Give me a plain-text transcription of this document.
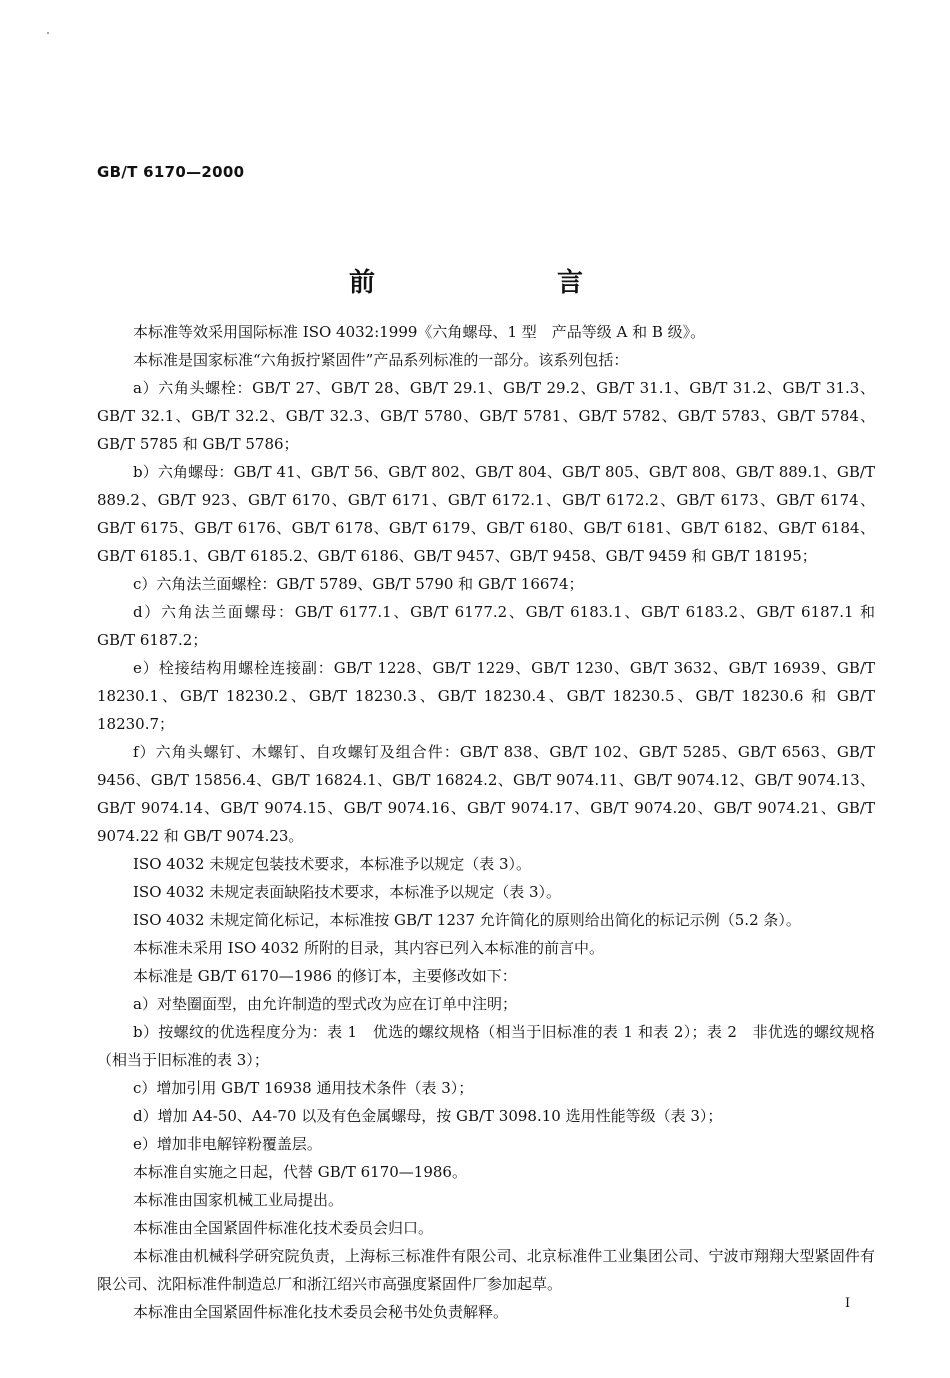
GB/T 6170—2000
前　言

本标准等效采用国际标准 ISO 4032:1999《六角螺母、1 型　产品等级 A 和 B 级》。

本标准是国家标准“六角扳拧紧固件”产品系列标准的一部分。该系列包括：

a）六角头螺栓：GB/T 27、GB/T 28、GB/T 29.1、GB/T 29.2、GB/T 31.1、GB/T 31.2、GB/T 31.3、GB/T 32.1、GB/T 32.2、GB/T 32.3、GB/T 5780、GB/T 5781、GB/T 5782、GB/T 5783、GB/T 5784、GB/T 5785 和 GB/T 5786；

b）六角螺母：GB/T 41、GB/T 56、GB/T 802、GB/T 804、GB/T 805、GB/T 808、GB/T 889.1、GB/T 889.2、GB/T 923、GB/T 6170、GB/T 6171、GB/T 6172.1、GB/T 6172.2、GB/T 6173、GB/T 6174、GB/T 6175、GB/T 6176、GB/T 6178、GB/T 6179、GB/T 6180、GB/T 6181、GB/T 6182、GB/T 6184、GB/T 6185.1、GB/T 6185.2、GB/T 6186、GB/T 9457、GB/T 9458、GB/T 9459 和 GB/T 18195；

c）六角法兰面螺栓：GB/T 5789、GB/T 5790 和 GB/T 16674；

d）六角法兰面螺母：GB/T 6177.1、GB/T 6177.2、GB/T 6183.1、GB/T 6183.2、GB/T 6187.1 和 GB/T 6187.2；

e）栓接结构用螺栓连接副：GB/T 1228、GB/T 1229、GB/T 1230、GB/T 3632、GB/T 16939、GB/T 18230.1、GB/T 18230.2、GB/T 18230.3、GB/T 18230.4、GB/T 18230.5、GB/T 18230.6 和 GB/T 18230.7；

f）六角头螺钉、木螺钉、自攻螺钉及组合件：GB/T 838、GB/T 102、GB/T 5285、GB/T 6563、GB/T 9456、GB/T 15856.4、GB/T 16824.1、GB/T 16824.2、GB/T 9074.11、GB/T 9074.12、GB/T 9074.13、GB/T 9074.14、GB/T 9074.15、GB/T 9074.16、GB/T 9074.17、GB/T 9074.20、GB/T 9074.21、GB/T 9074.22 和 GB/T 9074.23。

ISO 4032 未规定包装技术要求，本标准予以规定（表 3）。

ISO 4032 未规定表面缺陷技术要求，本标准予以规定（表 3）。

ISO 4032 未规定简化标记，本标准按 GB/T 1237 允许简化的原则给出简化的标记示例（5.2 条）。

本标准未采用 ISO 4032 所附的目录，其内容已列入本标准的前言中。

本标准是 GB/T 6170—1986 的修订本，主要修改如下：

a）对垫圈面型，由允许制造的型式改为应在订单中注明；

b）按螺纹的优选程度分为：表 1　优选的螺纹规格（相当于旧标准的表 1 和表 2）；表 2　非优选的螺纹规格（相当于旧标准的表 3）；

c）增加引用 GB/T 16938 通用技术条件（表 3）；

d）增加 A4-50、A4-70 以及有色金属螺母，按 GB/T 3098.10 选用性能等级（表 3）；

e）增加非电解锌粉覆盖层。

本标准自实施之日起，代替 GB/T 6170—1986。

本标准由国家机械工业局提出。

本标准由全国紧固件标准化技术委员会归口。

本标准由机械科学研究院负责，上海标三标准件有限公司、北京标准件工业集团公司、宁波市翔翔大型紧固件有限公司、沈阳标准件制造总厂和浙江绍兴市高强度紧固件厂参加起草。

本标准由全国紧固件标准化技术委员会秘书处负责解释。	I
